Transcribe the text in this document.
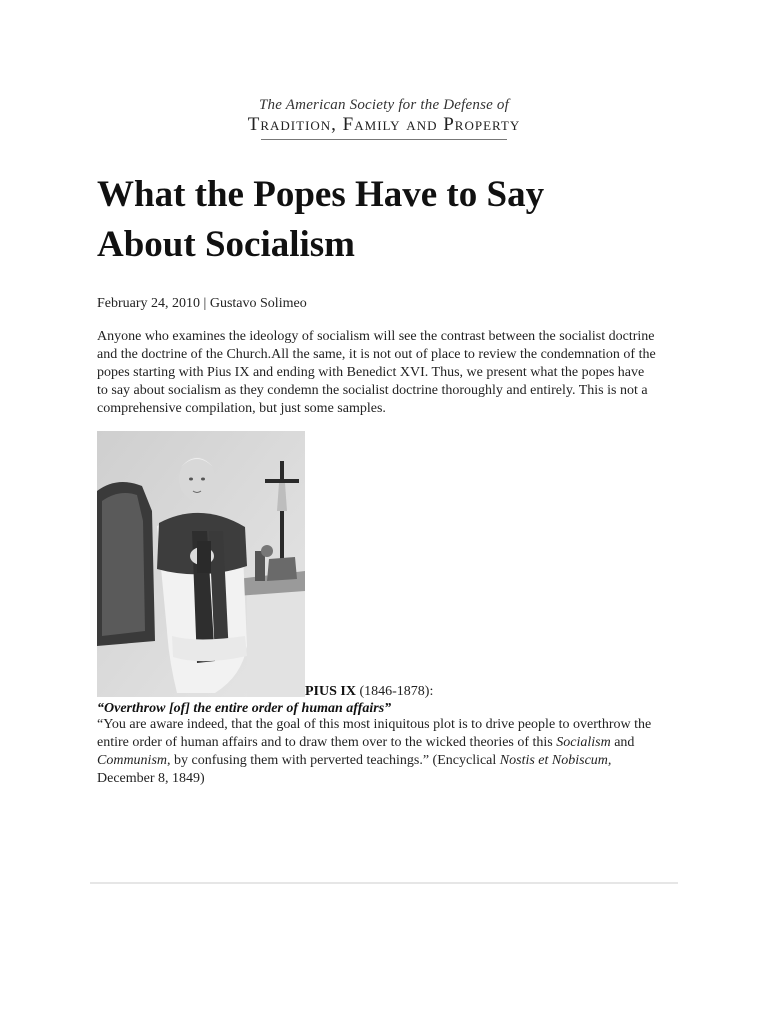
The American Society for the Defense of
Tradition, Family and Property
What the Popes Have to Say
About Socialism
February 24, 2010 | Gustavo Solimeo

Anyone who examines the ideology of socialism will see the contrast between the socialist doctrine and the doctrine of the Church.All the same, it is not out of place to review the condemnation of the popes starting with Pius IX and ending with Benedict XVI. Thus, we present what the popes have to say about socialism as they condemn the socialist doctrine thoroughly and entirely. This is not a comprehensive compilation, but just some samples.

PIUS IX (1846-1878):
“Overthrow [of] the entire order of human affairs”

“You are aware indeed, that the goal of this most iniquitous plot is to drive people to overthrow the entire order of human affairs and to draw them over to the wicked theories of this Socialism and Communism, by confusing them with perverted teachings.” (Encyclical Nostis et Nobiscum, December 8, 1849)
